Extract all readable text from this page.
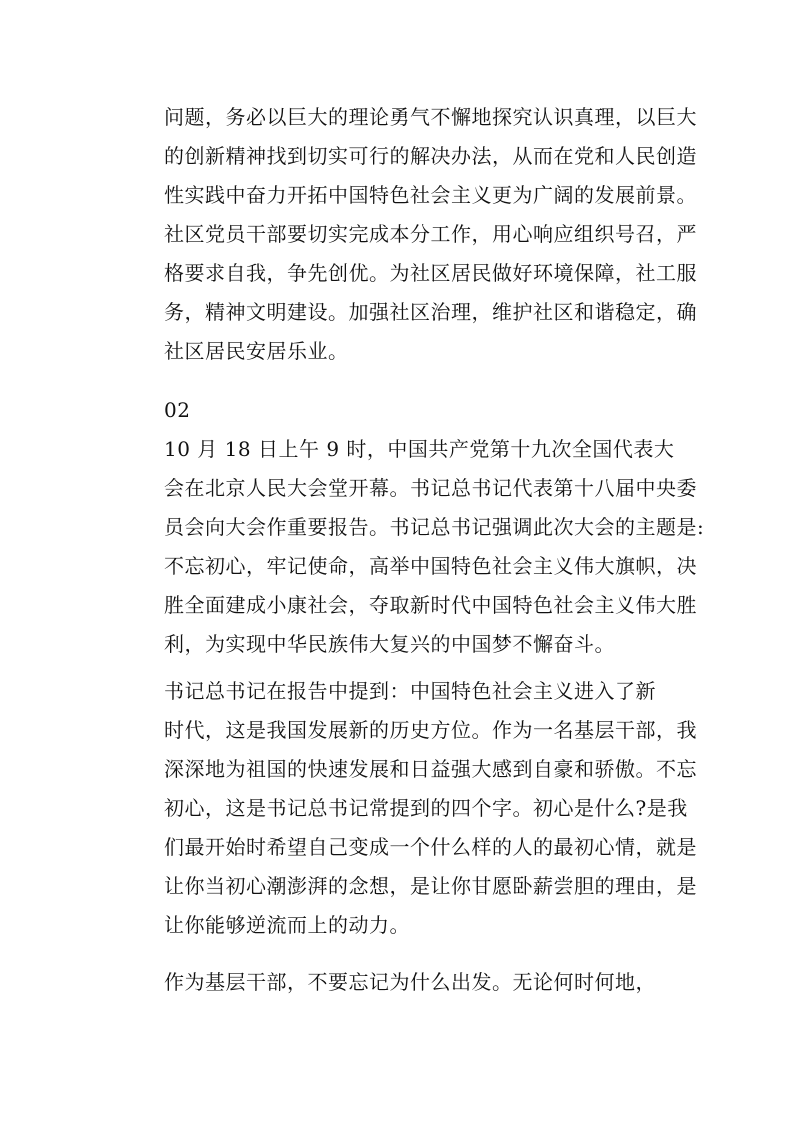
问题，务必以巨大的理论勇气不懈地探究认识真理，以巨大
的创新精神找到切实可行的解决办法，从而在党和人民创造
性实践中奋力开拓中国特色社会主义更为广阔的发展前景。
社区党员干部要切实完成本分工作，用心响应组织号召，严
格要求自我，争先创优。为社区居民做好环境保障，社工服
务，精神文明建设。加强社区治理，维护社区和谐稳定，确
社区居民安居乐业。
02
10 月 18 日上午 9 时，中国共产党第十九次全国代表大
会在北京人民大会堂开幕。书记总书记代表第十八届中央委
员会向大会作重要报告。书记总书记强调此次大会的主题是:
不忘初心，牢记使命，高举中国特色社会主义伟大旗帜，决
胜全面建成小康社会，夺取新时代中国特色社会主义伟大胜
利，为实现中华民族伟大复兴的中国梦不懈奋斗。
书记总书记在报告中提到：中国特色社会主义进入了新
时代，这是我国发展新的历史方位。作为一名基层干部，我
深深地为祖国的快速发展和日益强大感到自豪和骄傲。不忘
初心，这是书记总书记常提到的四个字。初心是什么?是我
们最开始时希望自己变成一个什么样的人的最初心情，就是
让你当初心潮澎湃的念想，是让你甘愿卧薪尝胆的理由，是
让你能够逆流而上的动力。
作为基层干部，不要忘记为什么出发。无论何时何地，
